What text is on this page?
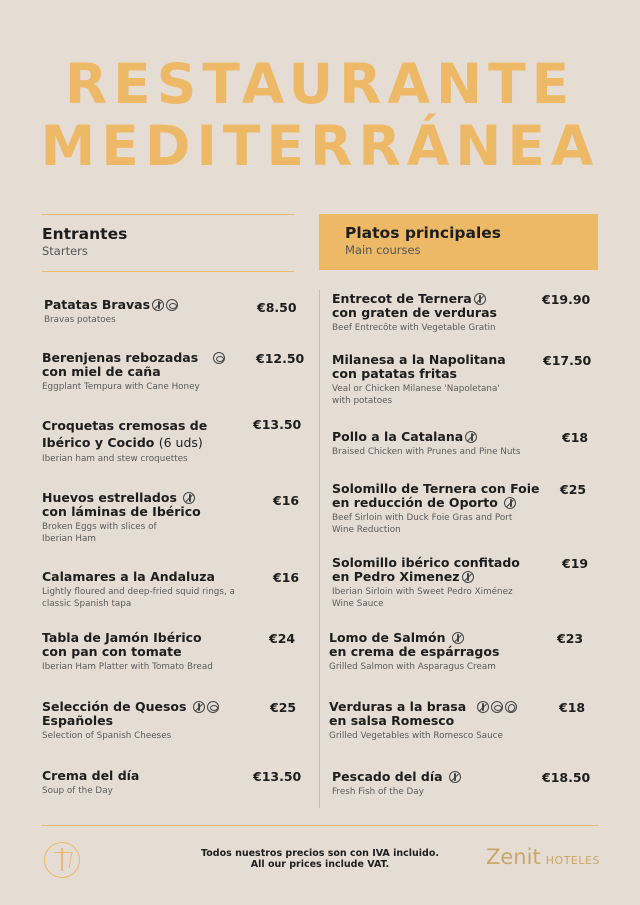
RESTAURANTE
MEDITERRÁNEA
Entrantes
Starters
Platos principales
Main courses
Patatas Bravas
Bravas potatoes
€8.50
Berenjenas rebozadas
con miel de caña
Eggplant Tempura with Cane Honey
€12.50
Croquetas cremosas de
Ibérico y Cocido (6 uds)
Iberian ham and stew croquettes
€13.50
Huevos estrellados
con láminas de Ibérico
Broken Eggs with slices of
Iberian Ham
€16
Calamares a la Andaluza
Lightly floured and deep-fried squid rings, a
classic Spanish tapa
€16
Tabla de Jamón Ibérico
con pan con tomate
Iberian Ham Platter with Tomato Bread
€24
Selección de Quesos
Españoles
Selection of Spanish Cheeses
€25
Crema del día
Soup of the Day
€13.50
Entrecot de Ternera
con graten de verduras
Beef Entrecôte with Vegetable Gratin
€19.90
Milanesa a la Napolitana
con patatas fritas
Veal or Chicken Milanese 'Napoletana'
with potatoes
€17.50
Pollo a la Catalana
Braised Chicken with Prunes and Pine Nuts
€18
Solomillo de Ternera con Foie
en reducción de Oporto
Beef Sirloin with Duck Foie Gras and Port
Wine Reduction
€25
Solomillo ibérico confitado
en Pedro Ximenez
Iberian Sirloin with Sweet Pedro Ximénez
Wine Sauce
€19
Lomo de Salmón
en crema de espárragos
Grilled Salmon with Asparagus Cream
€23
Verduras a la brasa
en salsa Romesco
Grilled Vegetables with Romesco Sauce
€18
Pescado del día
Fresh Fish of the Day
€18.50
Todos nuestros precios son con IVA incluido.
All our prices include VAT.	Zenit HOTELES
